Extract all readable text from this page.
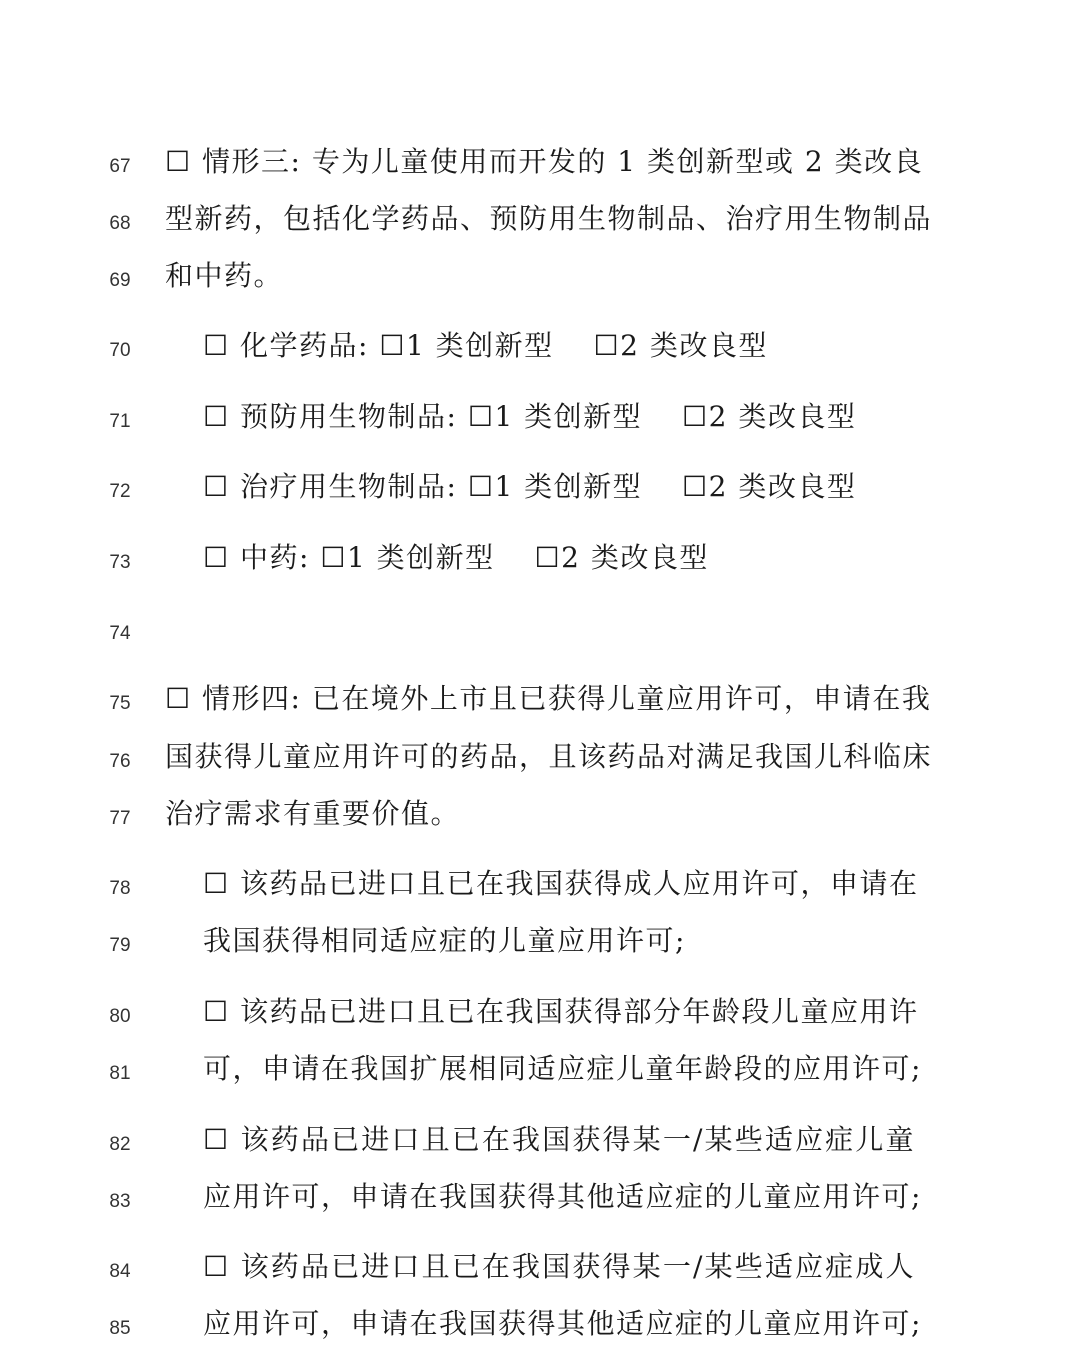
67	☐ 情形三: 专为儿童使用而开发的 1 类创新型或 2 类改良
68	型新药，包括化学药品、预防用生物制品、治疗用生物制品
69	和中药。
70	☐ 化学药品: ☐1 类创新型　 ☐2 类改良型
71	☐ 预防用生物制品: ☐1 类创新型　 ☐2 类改良型
72	☐ 治疗用生物制品: ☐1 类创新型　 ☐2 类改良型
73	☐ 中药: ☐1 类创新型　 ☐2 类改良型
74
75	☐ 情形四: 已在境外上市且已获得儿童应用许可，申请在我
76	国获得儿童应用许可的药品，且该药品对满足我国儿科临床
77	治疗需求有重要价值。
78	☐ 该药品已进口且已在我国获得成人应用许可，申请在
79	我国获得相同适应症的儿童应用许可;
80	☐ 该药品已进口且已在我国获得部分年龄段儿童应用许
81	可，申请在我国扩展相同适应症儿童年龄段的应用许可;
82	☐ 该药品已进口且已在我国获得某一/某些适应症儿童
83	应用许可，申请在我国获得其他适应症的儿童应用许可;
84	☐ 该药品已进口且已在我国获得某一/某些适应症成人
85	应用许可，申请在我国获得其他适应症的儿童应用许可;
